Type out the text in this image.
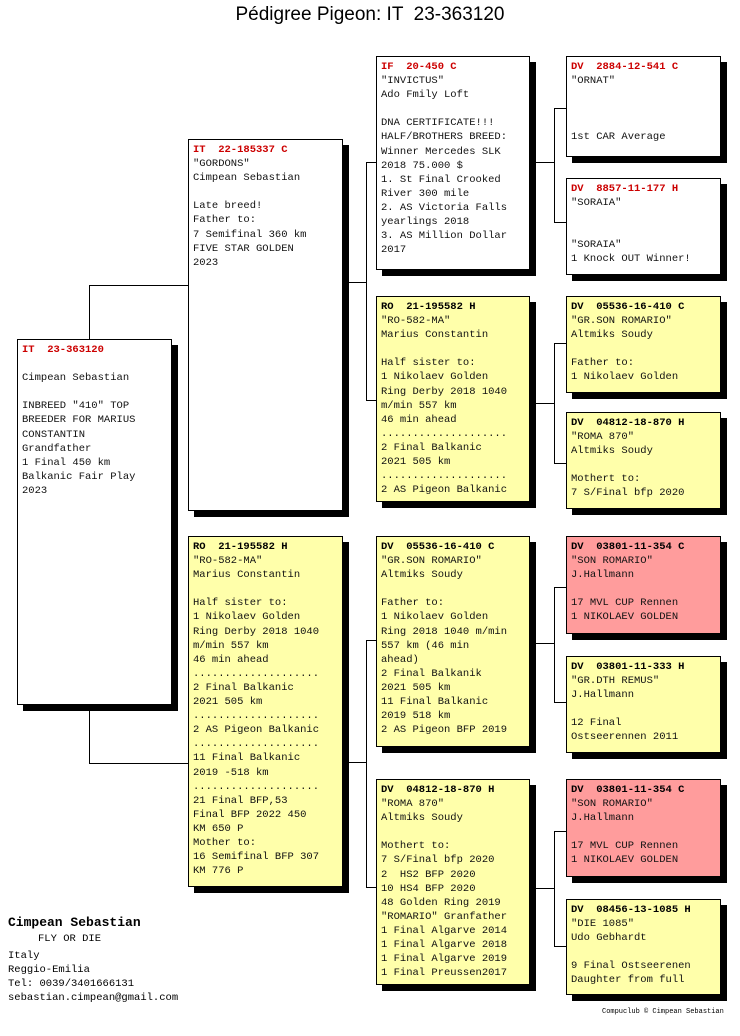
Pédigree Pigeon: IT  23-363120
IT  23-363120
Cimpean Sebastian
INBREED "410" TOP
BREEDER FOR MARIUS
CONSTANTIN
Grandfather
1 Final 450 km
Balkanic Fair Play
2023
IT  22-185337 C
"GORDONS"
Cimpean Sebastian
Late breed!
Father to:
7 Semifinal 360 km
FIVE STAR GOLDEN
2023
RO  21-195582 H
"RO-582-MA"
Marius Constantin
Half sister to:
1 Nikolaev Golden
Ring Derby 2018 1040
m/min 557 km
46 min ahead
....................
2 Final Balkanic
2021 505 km
....................
2 AS Pigeon Balkanic
....................
11 Final Balkanic
2019 -518 km
....................
21 Final BFP,53
Final BFP 2022 450
KM 650 P
Mother to:
16 Semifinal BFP 307
KM 776 P
IF  20-450 C
"INVICTUS"
Ado Fmily Loft
DNA CERTIFICATE!!!
HALF/BROTHERS BREED:
Winner Mercedes SLK
2018 75.000 $
1. St Final Crooked
River 300 mile
2. AS Victoria Falls
yearlings 2018
3. AS Million Dollar
2017
RO  21-195582 H
"RO-582-MA"
Marius Constantin
Half sister to:
1 Nikolaev Golden
Ring Derby 2018 1040
m/min 557 km
46 min ahead
....................
2 Final Balkanic
2021 505 km
....................
2 AS Pigeon Balkanic
DV  05536-16-410 C
"GR.SON ROMARIO"
Altmiks Soudy
Father to:
1 Nikolaev Golden
Ring 2018 1040 m/min
557 km (46 min
ahead)
2 Final Balkanik
2021 505 km
11 Final Balkanic
2019 518 km
2 AS Pigeon BFP 2019
DV  04812-18-870 H
"ROMA 870"
Altmiks Soudy
Mothert to:
7 S/Final bfp 2020
2  HS2 BFP 2020
10 HS4 BFP 2020
48 Golden Ring 2019
"ROMARIO" Granfather
1 Final Algarve 2014
1 Final Algarve 2018
1 Final Algarve 2019
1 Final Preussen2017
DV  2884-12-541 C
"ORNAT"
1st CAR Average
DV  8857-11-177 H
"SORAIA"
"SORAIA"
1 Knock OUT Winner!
DV  05536-16-410 C
"GR.SON ROMARIO"
Altmiks Soudy
Father to:
1 Nikolaev Golden
DV  04812-18-870 H
"ROMA 870"
Altmiks Soudy
Mothert to:
7 S/Final bfp 2020
DV  03801-11-354 C
"SON ROMARIO"
J.Hallmann
17 MVL CUP Rennen
1 NIKOLAEV GOLDEN
DV  03801-11-333 H
"GR.DTH REMUS"
J.Hallmann
12 Final
Ostseerennen 2011
DV  03801-11-354 C
"SON ROMARIO"
J.Hallmann
17 MVL CUP Rennen
1 NIKOLAEV GOLDEN
DV  08456-13-1085 H
"DIE 1085"
Udo Gebhardt
9 Final Ostseerenen
Daughter from full
Cimpean Sebastian
FLY OR DIE
Italy
Reggio-Emilia
Tel: 0039/3401666131
sebastian.cimpean@gmail.com
Compuclub © Cimpean Sebastian
